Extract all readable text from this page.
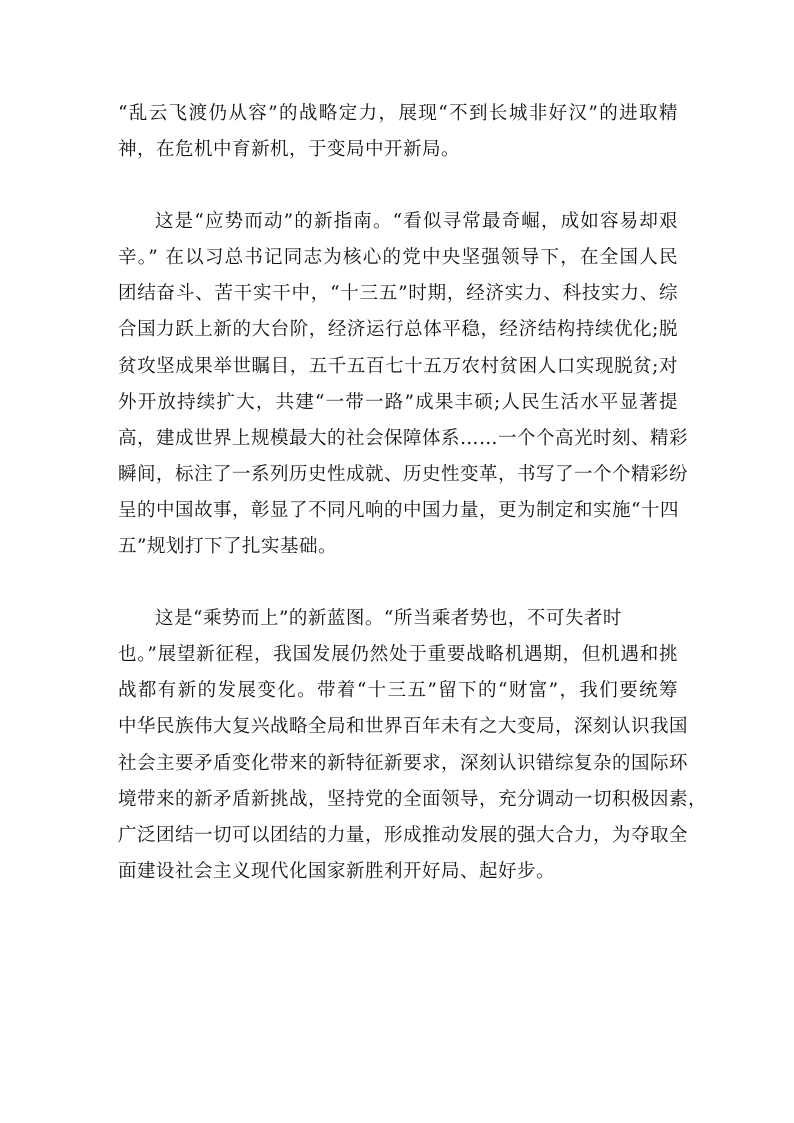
“乱云飞渡仍从容”的战略定力，展现“不到长城非好汉”的进取精
神，在危机中育新机，于变局中开新局。
这是“应势而动”的新指南。“看似寻常最奇崛，成如容易却艰
辛。” 在以习总书记同志为核心的党中央坚强领导下，在全国人民
团结奋斗、苦干实干中，“十三五”时期，经济实力、科技实力、综
合国力跃上新的大台阶，经济运行总体平稳，经济结构持续优化;脱
贫攻坚成果举世瞩目，五千五百七十五万农村贫困人口实现脱贫;对
外开放持续扩大，共建“一带一路”成果丰硕;人民生活水平显著提
高，建成世界上规模最大的社会保障体系……一个个高光时刻、精彩
瞬间，标注了一系列历史性成就、历史性变革，书写了一个个精彩纷
呈的中国故事，彰显了不同凡响的中国力量，更为制定和实施“十四
五”规划打下了扎实基础。
这是“乘势而上”的新蓝图。“所当乘者势也，不可失者时
也。”展望新征程，我国发展仍然处于重要战略机遇期，但机遇和挑
战都有新的发展变化。带着“十三五”留下的“财富”，我们要统筹
中华民族伟大复兴战略全局和世界百年未有之大变局，深刻认识我国
社会主要矛盾变化带来的新特征新要求，深刻认识错综复杂的国际环
境带来的新矛盾新挑战，坚持党的全面领导，充分调动一切积极因素，
广泛团结一切可以团结的力量，形成推动发展的强大合力，为夺取全
面建设社会主义现代化国家新胜利开好局、起好步。
